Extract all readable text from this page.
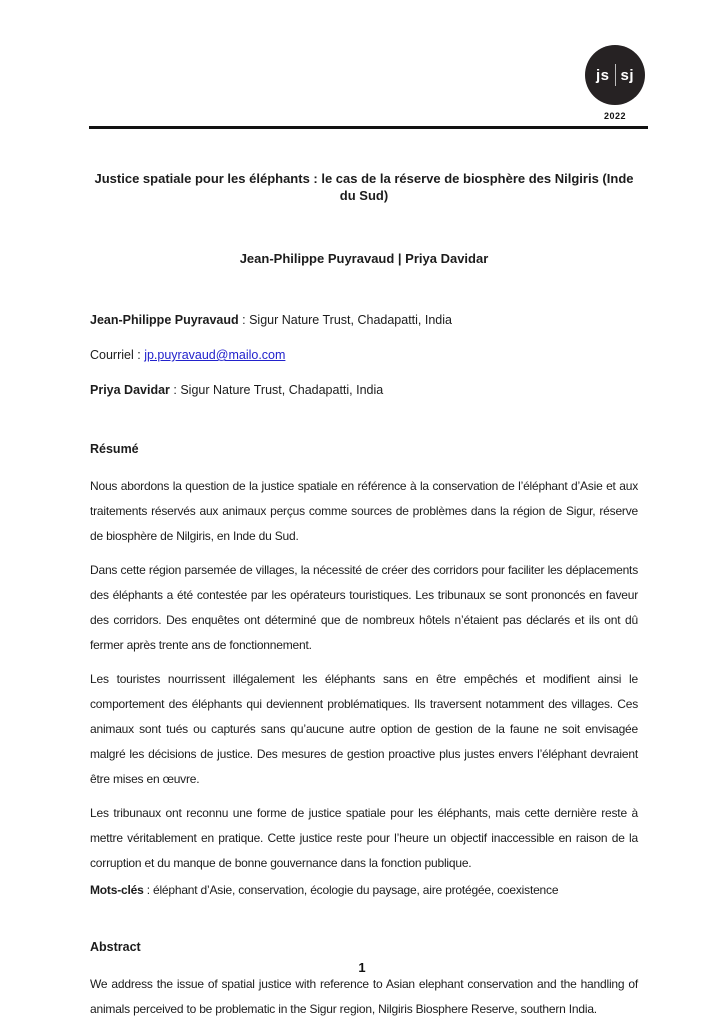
js sj
2022
Justice spatiale pour les éléphants : le cas de la réserve de biosphère des Nilgiris (Inde du Sud)

Jean-Philippe Puyravaud | Priya Davidar

Jean-Philippe Puyravaud : Sigur Nature Trust, Chadapatti, India

Courriel : jp.puyravaud@mailo.com

Priya Davidar : Sigur Nature Trust, Chadapatti, India

Résumé

Nous abordons la question de la justice spatiale en référence à la conservation de l’éléphant d’Asie et aux traitements réservés aux animaux perçus comme sources de problèmes dans la région de Sigur, réserve de biosphère de Nilgiris, en Inde du Sud.

Dans cette région parsemée de villages, la nécessité de créer des corridors pour faciliter les déplacements des éléphants a été contestée par les opérateurs touristiques. Les tribunaux se sont prononcés en faveur des corridors. Des enquêtes ont déterminé que de nombreux hôtels n’étaient pas déclarés et ils ont dû fermer après trente ans de fonctionnement.

Les touristes nourrissent illégalement les éléphants sans en être empêchés et modifient ainsi le comportement des éléphants qui deviennent problématiques. Ils traversent notamment des villages. Ces animaux sont tués ou capturés sans qu’aucune autre option de gestion de la faune ne soit envisagée malgré les décisions de justice. Des mesures de gestion proactive plus justes envers l’éléphant devraient être mises en œuvre.

Les tribunaux ont reconnu une forme de justice spatiale pour les éléphants, mais cette dernière reste à mettre véritablement en pratique. Cette justice reste pour l’heure un objectif inaccessible en raison de la corruption et du manque de bonne gouvernance dans la fonction publique.

Mots-clés : éléphant d’Asie, conservation, écologie du paysage, aire protégée, coexistence

Abstract

We address the issue of spatial justice with reference to Asian elephant conservation and the handling of animals perceived to be problematic in the Sigur region, Nilgiris Biosphere Reserve, southern India.

1
